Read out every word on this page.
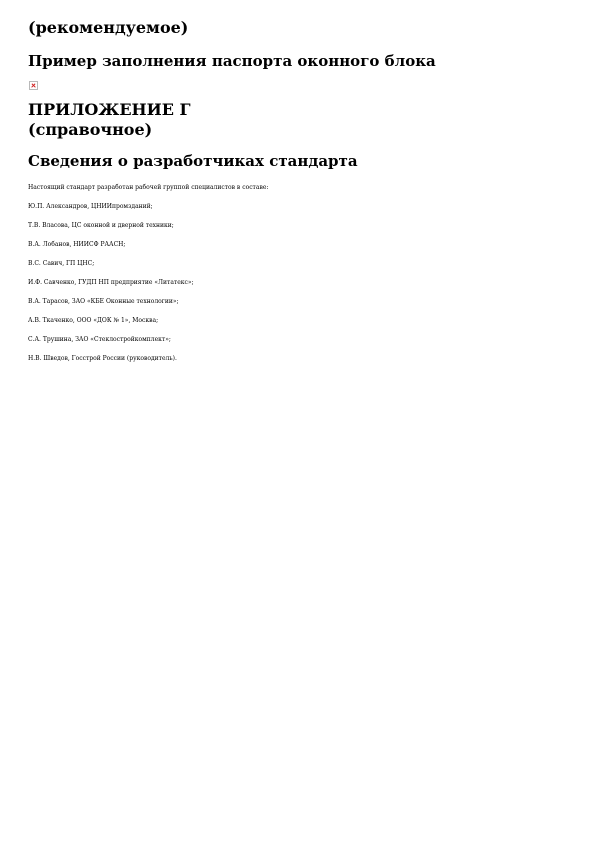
(рекомендуемое)
Пример заполнения паспорта оконного блока
ПРИЛОЖЕНИЕ Г
(справочное)
Сведения о разработчиках стандарта
Настоящий стандарт разработан рабочей группой специалистов в составе:
Ю.П. Александров, ЦНИИпромзданий;
Т.В. Власова, ЦС оконной и дверной техники;
В.А. Лобанов, НИИСФ РААСН;
В.С. Савич, ГП ЦНС;
И.Ф. Савченко, ГУДП НП предприятие «Литатекс»;
В.А. Тарасов, ЗАО «КБЕ Оконные технологии»;
А.В. Ткаченко, ООО «ДОК № 1», Москва;
С.А. Трушина, ЗАО «Стеклостройкомплект»;
Н.В. Шведов, Госстрой России (руководитель).
